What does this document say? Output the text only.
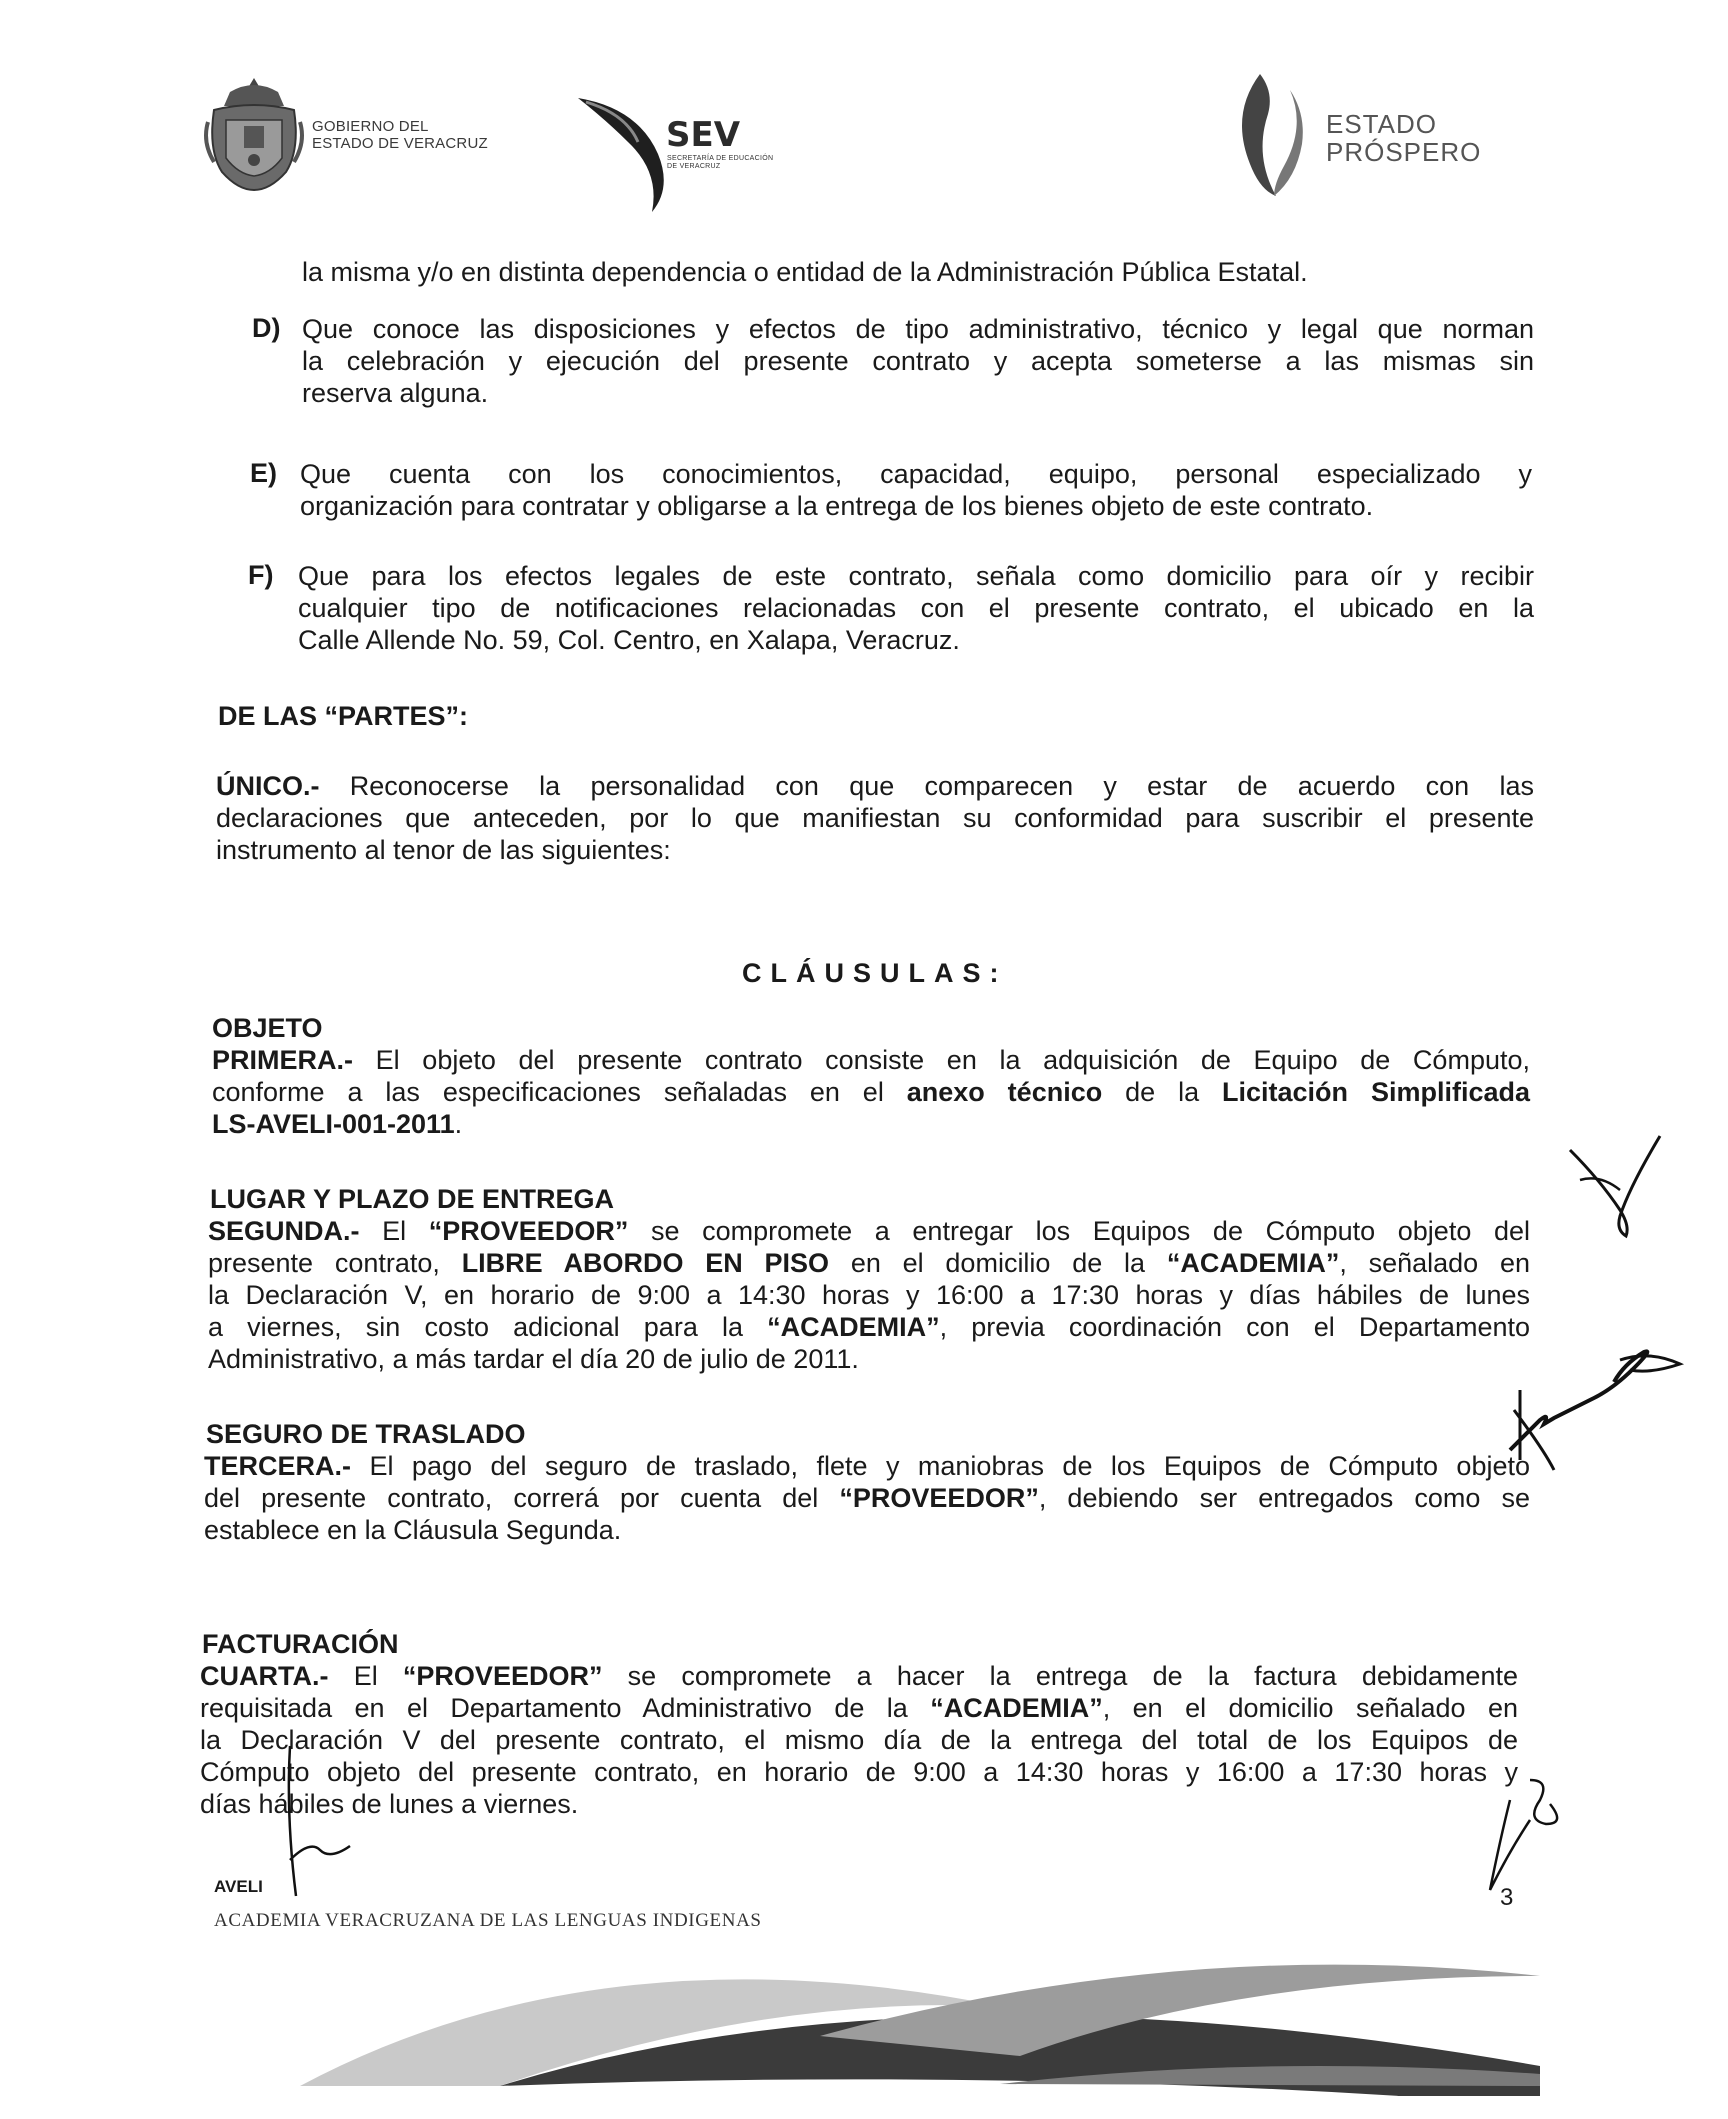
GOBIERNO DEL
ESTADO DE VERACRUZ	SEV
SECRETARÍA DE EDUCACIÓN
DE VERACRUZ
ESTADO
PRÓSPERO
la misma y/o en distinta dependencia o entidad de la Administración Pública Estatal.
D) Que conoce las disposiciones y efectos de tipo administrativo, técnico y legal que norman
la celebración y ejecución del presente contrato y acepta someterse a las mismas sin
reserva alguna.
E) Que cuenta con los conocimientos, capacidad, equipo, personal especializado y
organización para contratar y obligarse a la entrega de los bienes objeto de este contrato.
F) Que para los efectos legales de este contrato, señala como domicilio para oír y recibir
cualquier tipo de notificaciones relacionadas con el presente contrato, el ubicado en la
Calle Allende No. 59, Col. Centro, en Xalapa, Veracruz.
DE LAS “PARTES”:
ÚNICO.- Reconocerse la personalidad con que comparecen y estar de acuerdo con las
declaraciones que anteceden, por lo que manifiestan su conformidad para suscribir el presente
instrumento al tenor de las siguientes:
CLÁUSULAS:
OBJETO
PRIMERA.- El objeto del presente contrato consiste en la adquisición de Equipo de Cómputo,
conforme a las especificaciones señaladas en el anexo técnico de la Licitación Simplificada
LS-AVELI-001-2011.
LUGAR Y PLAZO DE ENTREGA
SEGUNDA.- El “PROVEEDOR” se compromete a entregar los Equipos de Cómputo objeto del
presente contrato, LIBRE ABORDO EN PISO en el domicilio de la “ACADEMIA”, señalado en
la Declaración V, en horario de 9:00 a 14:30 horas y 16:00 a 17:30 horas y días hábiles de lunes
a viernes, sin costo adicional para la “ACADEMIA”, previa coordinación con el Departamento
Administrativo, a más tardar el día 20 de julio de 2011.
SEGURO DE TRASLADO
TERCERA.- El pago del seguro de traslado, flete y maniobras de los Equipos de Cómputo objeto
del presente contrato, correrá por cuenta del “PROVEEDOR”, debiendo ser entregados como se
establece en la Cláusula Segunda.
FACTURACIÓN
CUARTA.- El “PROVEEDOR” se compromete a hacer la entrega de la factura debidamente
requisitada en el Departamento Administrativo de la “ACADEMIA”, en el domicilio señalado en
la Declaración V del presente contrato, el mismo día de la entrega del total de los Equipos de
Cómputo objeto del presente contrato, en horario de 9:00 a 14:30 horas y 16:00 a 17:30 horas y
días hábiles de lunes a viernes.
AVELI
ACADEMIA VERACRUZANA DE LAS LENGUAS INDIGENAS
3
